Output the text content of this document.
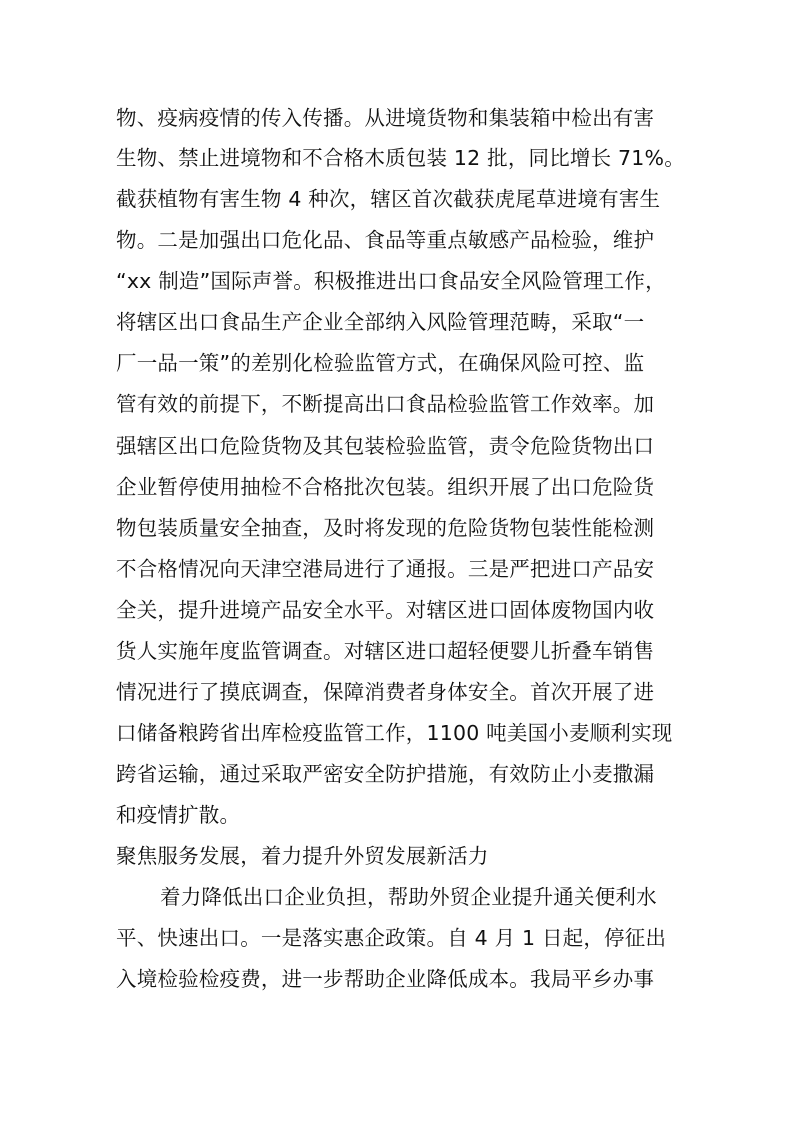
物、疫病疫情的传入传播。从进境货物和集装箱中检出有害
生物、禁止进境物和不合格木质包装 12 批，同比增长 71%。
截获植物有害生物 4 种次，辖区首次截获虎尾草进境有害生
物。二是加强出口危化品、食品等重点敏感产品检验，维护
“xx 制造”国际声誉。积极推进出口食品安全风险管理工作，
将辖区出口食品生产企业全部纳入风险管理范畴，采取“一
厂一品一策”的差别化检验监管方式，在确保风险可控、监
管有效的前提下，不断提高出口食品检验监管工作效率。加
强辖区出口危险货物及其包装检验监管，责令危险货物出口
企业暂停使用抽检不合格批次包装。组织开展了出口危险货
物包装质量安全抽查，及时将发现的危险货物包装性能检测
不合格情况向天津空港局进行了通报。三是严把进口产品安
全关，提升进境产品安全水平。对辖区进口固体废物国内收
货人实施年度监管调查。对辖区进口超轻便婴儿折叠车销售
情况进行了摸底调查，保障消费者身体安全。首次开展了进
口储备粮跨省出库检疫监管工作，1100 吨美国小麦顺利实现
跨省运输，通过采取严密安全防护措施，有效防止小麦撒漏
和疫情扩散。
聚焦服务发展，着力提升外贸发展新活力
着力降低出口企业负担，帮助外贸企业提升通关便利水
平、快速出口。一是落实惠企政策。自 4 月 1 日起，停征出
入境检验检疫费，进一步帮助企业降低成本。我局平乡办事
